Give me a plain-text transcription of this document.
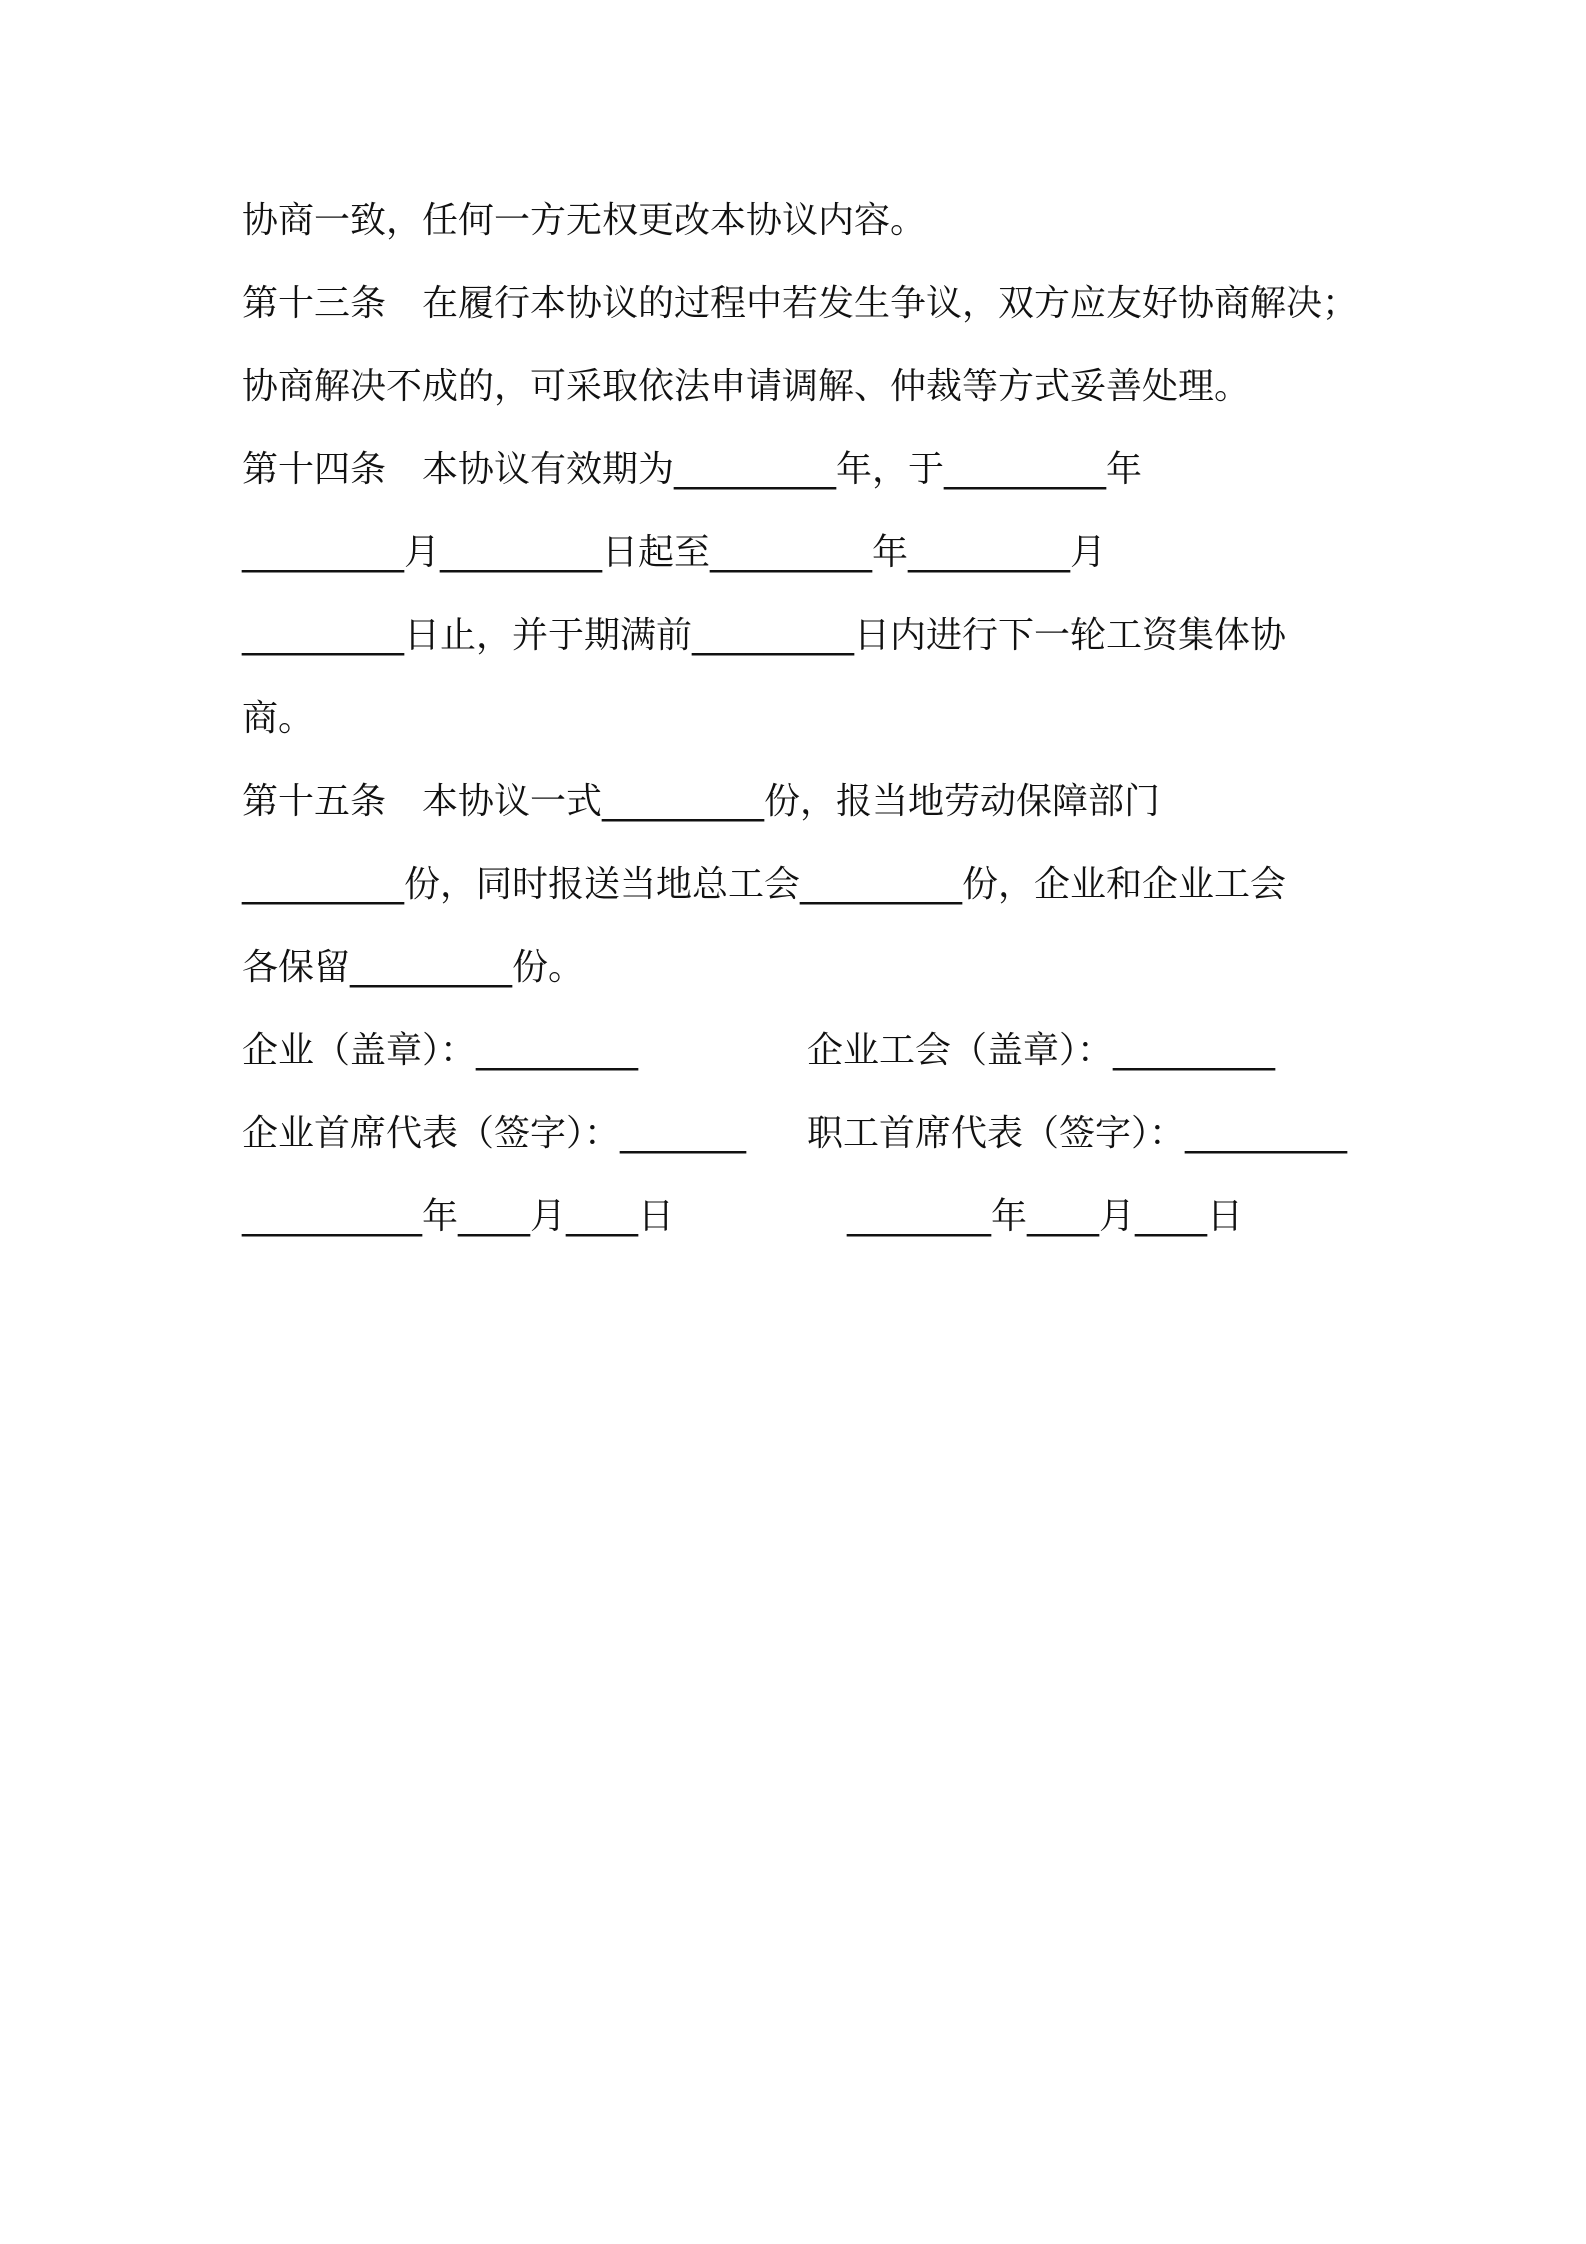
协商一致，任何一方无权更改本协议内容。
第十三条　在履行本协议的过程中若发生争议，双方应友好协商解决；
协商解决不成的，可采取依法申请调解、仲裁等方式妥善处理。
第十四条　本协议有效期为_________年，于_________年
_________月_________日起至_________年_________月
_________日止，并于期满前_________日内进行下一轮工资集体协
商。
第十五条　本协议一式_________份，报当地劳动保障部门
_________份，同时报送当地总工会_________份，企业和企业工会
各保留_________份。
企业（盖章）：_________	企业工会（盖章）：_________
企业首席代表（签字）：_______ 职工首席代表（签字）：_________
__________年____月____日	________年____月____日
